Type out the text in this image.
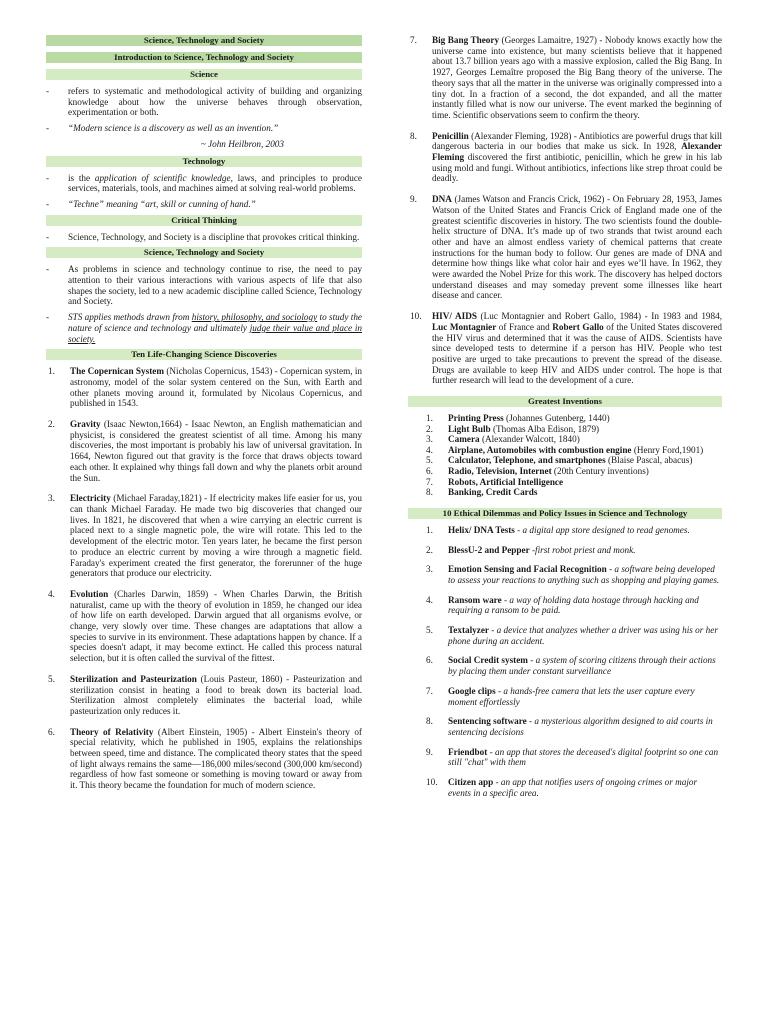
Science, Technology and Society
Introduction to Science, Technology and Society
Science
-	refers to systematic and methodological activity of building and organizing knowledge about how the universe behaves through observation, experimentation or both.
-	“Modern science is a discovery as well as an invention.”
~ John Heilbron, 2003
Technology
-	is the application of scientific knowledge, laws, and principles to produce services, materials, tools, and machines aimed at solving real-world problems.
-	“Techne” meaning “art, skill or cunning of hand.”
Critical Thinking
-	Science, Technology, and Society is a discipline that provokes critical thinking.
Science, Technology and Society
-	As problems in science and technology continue to rise, the need to pay attention to their various interactions with various aspects of life that also shapes the society, led to a new academic discipline called Science, Technology and Society.
-	STS applies methods drawn from history, philosophy, and sociology to study the nature of science and technology and ultimately judge their value and place in society.
Ten Life-Changing Science Discoveries
1.	The Copernican System (Nicholas Copernicus, 1543) - Copernican system, in astronomy, model of the solar system centered on the Sun, with Earth and other planets moving around it, formulated by Nicolaus Copernicus, and published in 1543.
2.	Gravity (Isaac Newton,1664) - Isaac Newton, an English mathematician and physicist, is considered the greatest scientist of all time. Among his many discoveries, the most important is probably his law of universal gravitation. In 1664, Newton figured out that gravity is the force that draws objects toward each other. It explained why things fall down and why the planets orbit around the Sun.
3.	Electricity (Michael Faraday,1821) - If electricity makes life easier for us, you can thank Michael Faraday. He made two big discoveries that changed our lives. In 1821, he discovered that when a wire carrying an electric current is placed next to a single magnetic pole, the wire will rotate. This led to the development of the electric motor. Ten years later, he became the first person to produce an electric current by moving a wire through a magnetic field. Faraday's experiment created the first generator, the forerunner of the huge generators that produce our electricity.
4.	Evolution (Charles Darwin, 1859) - When Charles Darwin, the British naturalist, came up with the theory of evolution in 1859, he changed our idea of how life on earth developed. Darwin argued that all organisms evolve, or change, very slowly over time. These changes are adaptations that allow a species to survive in its environment. These adaptations happen by chance. If a species doesn't adapt, it may become extinct. He called this process natural selection, but it is often called the survival of the fittest.
5.	Sterilization and Pasteurization (Louis Pasteur, 1860) - Pasteurization and sterilization consist in heating a food to break down its bacterial load. Sterilization almost completely eliminates the bacterial load, while pasteurization only reduces it.
6.	Theory of Relativity (Albert Einstein, 1905) - Albert Einstein's theory of special relativity, which he published in 1905, explains the relationships between speed, time and distance. The complicated theory states that the speed of light always remains the same—186,000 miles/second (300,000 km/second) regardless of how fast someone or something is moving toward or away from it. This theory became the foundation for much of modern science.
7.	Big Bang Theory (Georges Lamaitre, 1927) - Nobody knows exactly how the universe came into existence, but many scientists believe that it happened about 13.7 billion years ago with a massive explosion, called the Big Bang. In 1927, Georges Lemaître proposed the Big Bang theory of the universe. The theory says that all the matter in the universe was originally compressed into a tiny dot. In a fraction of a second, the dot expanded, and all the matter instantly filled what is now our universe. The event marked the beginning of time. Scientific observations seem to confirm the theory.
8.	Penicillin (Alexander Fleming, 1928) - Antibiotics are powerful drugs that kill dangerous bacteria in our bodies that make us sick. In 1928, Alexander Fleming discovered the first antibiotic, penicillin, which he grew in his lab using mold and fungi. Without antibiotics, infections like strep throat could be deadly.
9.	DNA (James Watson and Francis Crick, 1962) - On February 28, 1953, James Watson of the United States and Francis Crick of England made one of the greatest scientific discoveries in history. The two scientists found the double-helix structure of DNA. It’s made up of two strands that twist around each other and have an almost endless variety of chemical patterns that create instructions for the human body to follow. Our genes are made of DNA and determine how things like what color hair and eyes we’ll have. In 1962, they were awarded the Nobel Prize for this work. The discovery has helped doctors understand diseases and may someday prevent some illnesses like heart disease and cancer.
10.	HIV/ AIDS (Luc Montagnier and Robert Gallo, 1984) - In 1983 and 1984, Luc Montagnier of France and Robert Gallo of the United States discovered the HIV virus and determined that it was the cause of AIDS. Scientists have since developed tests to determine if a person has HIV. People who test positive are urged to take precautions to prevent the spread of the disease. Drugs are available to keep HIV and AIDS under control. The hope is that further research will lead to the development of a cure.
Greatest Inventions
1.	Printing Press (Johannes Gutenberg, 1440)
2.	Light Bulb (Thomas Alba Edison, 1879)
3.	Camera (Alexander Walcott, 1840)
4.	Airplane, Automobiles with combustion engine (Henry Ford,1901)
5.	Calculator, Telephone, and smartphones (Blaise Pascal, abacus)
6.	Radio, Television, Internet (20th Century inventions)
7.	Robots, Artificial Intelligence
8.	Banking, Credit Cards
10 Ethical Dilemmas and Policy Issues in Science and Technology
1.	Helix/ DNA Tests - a digital app store designed to read genomes.
2.	BlessU-2 and Pepper -first robot priest and monk.
3.	Emotion Sensing and Facial Recognition - a software being developed to assess your reactions to anything such as shopping and playing games.
4.	Ransom ware - a way of holding data hostage through hacking and requiring a ransom to be paid.
5.	Textalyzer - a device that analyzes whether a driver was using his or her phone during an accident.
6.	Social Credit system - a system of scoring citizens through their actions by placing them under constant surveillance
7.	Google clips - a hands-free camera that lets the user capture every moment effortlessly
8.	Sentencing software - a mysterious algorithm designed to aid courts in sentencing decisions
9.	Friendbot - an app that stores the deceased's digital footprint so one can still "chat" with them
10.	Citizen app - an app that notifies users of ongoing crimes or major events in a specific area.
